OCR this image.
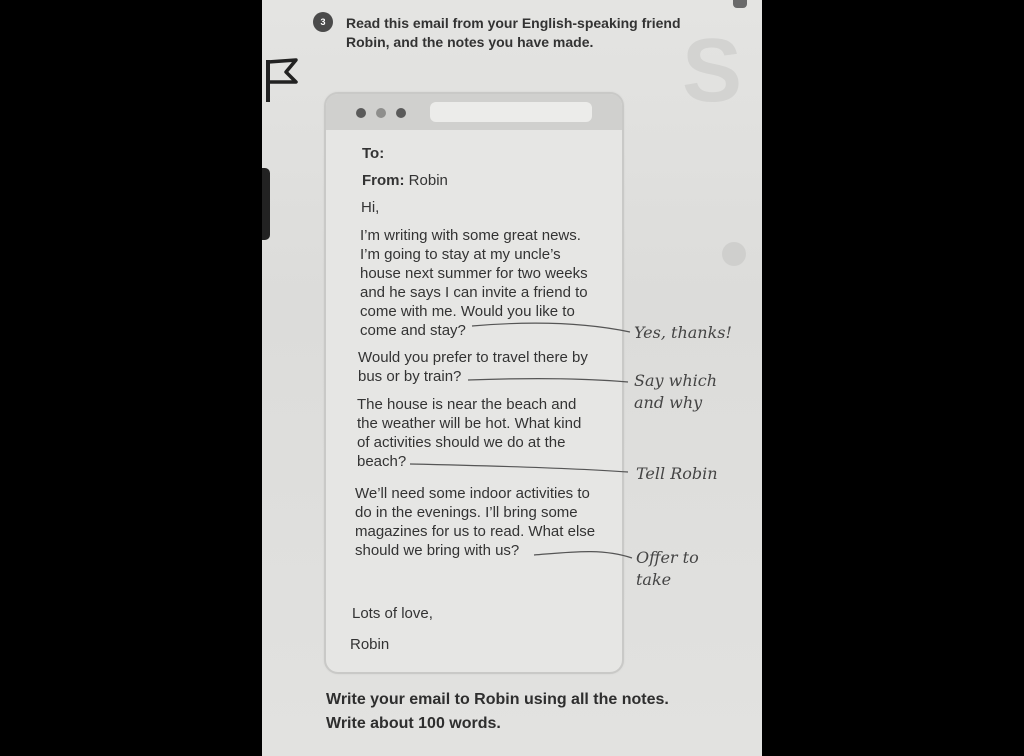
S
3	Read this email from your English-speaking friend Robin, and the notes you have made.
To:
From: Robin
Hi,
I’m writing with some great news.
I’m going to stay at my uncle’s
house next summer for two weeks
and he says I can invite a friend to
come with me. Would you like to
come and stay?
Would you prefer to travel there by
bus or by train?
The house is near the beach and
the weather will be hot. What kind
of activities should we do at the
beach?
We’ll need some indoor activities to
do in the evenings. I’ll bring some
magazines for us to read. What else
should we bring with us?
Lots of love,
Robin
Yes, thanks!
Say which
and why
Tell Robin
Offer to
take
Write your email to Robin using all the notes.
Write about 100 words.
